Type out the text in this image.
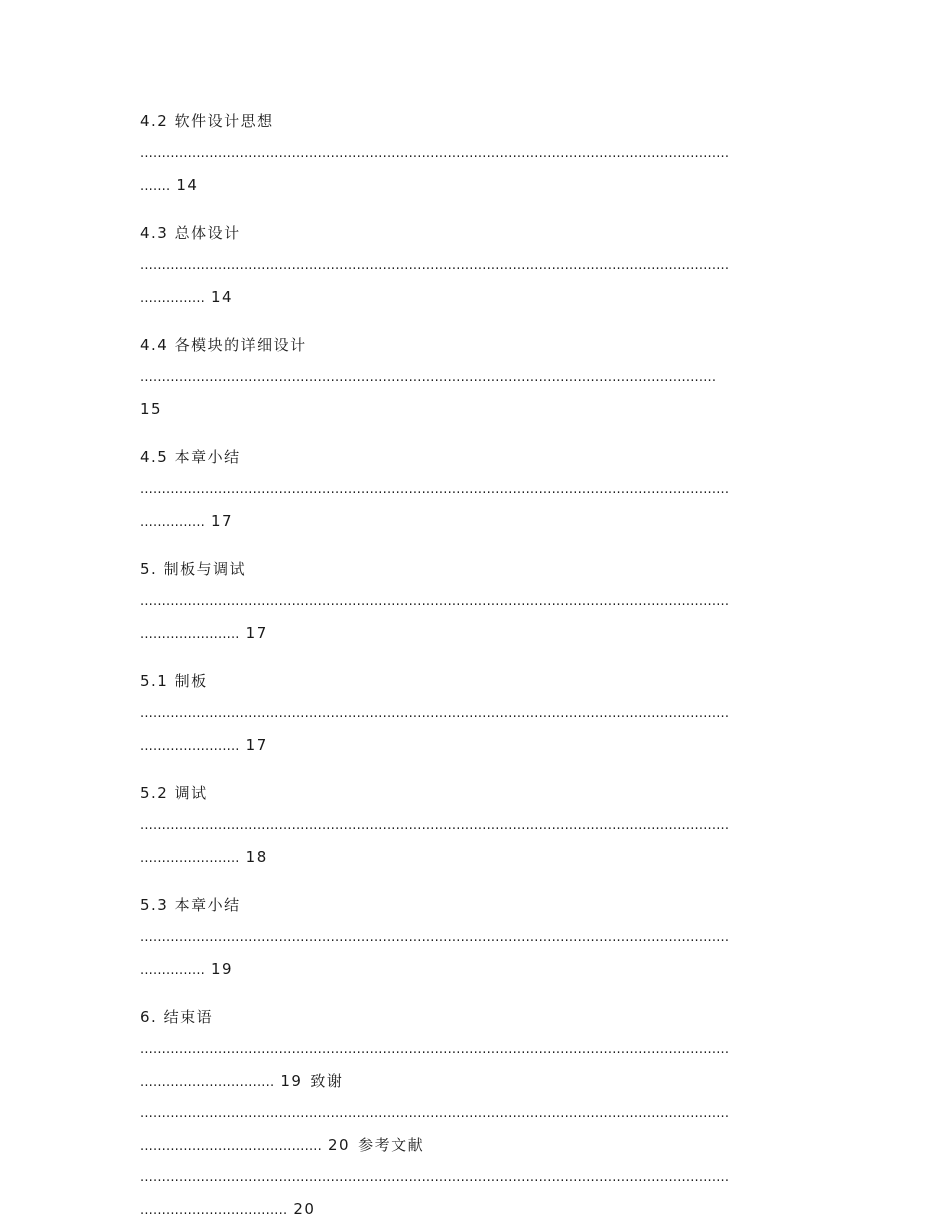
4.2 软件设计思想
........................................................................................................................................
....... 14
4.3 总体设计
........................................................................................................................................
............... 14
4.4 各模块的详细设计
.....................................................................................................................................
15
4.5 本章小结
........................................................................................................................................
............... 17
5. 制板与调试
........................................................................................................................................
....................... 17
5.1 制板
........................................................................................................................................
....................... 17
5.2 调试
........................................................................................................................................
....................... 18
5.3 本章小结
........................................................................................................................................
............... 19
6. 结束语
........................................................................................................................................
............................... 19 致谢
........................................................................................................................................
.......................................... 20 参考文献
........................................................................................................................................
.................................. 20
